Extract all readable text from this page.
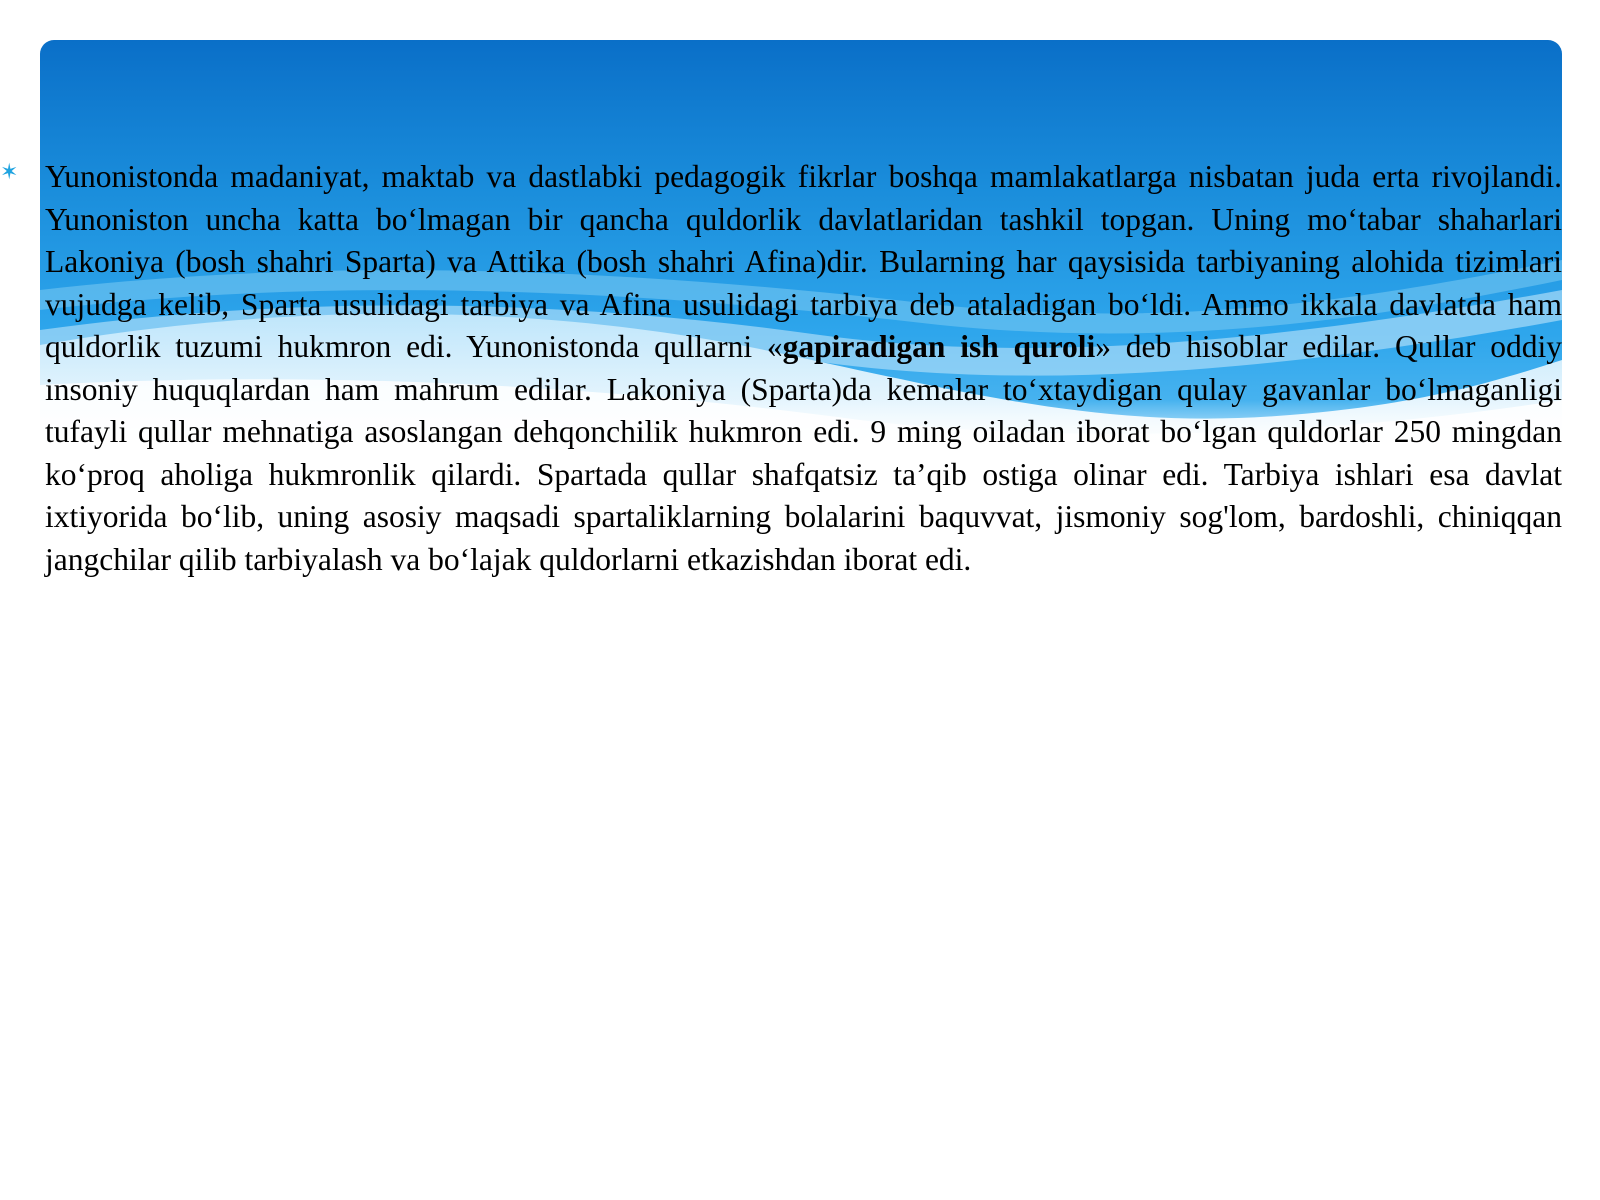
✶ Yunonistonda madaniyat, maktab va dastlabki pedagogik fikrlar boshqa mamlakatlarga nisbatan juda erta rivojlandi. Yunoniston uncha katta bo‘lmagan bir qancha quldorlik davlatlaridan tashkil topgan. Uning mo‘tabar shaharlari Lakoniya (bosh shahri Sparta) va Attika (bosh shahri Afina)dir. Bularning har qaysisida tarbiyaning alohida tizimlari vujudga kelib, Sparta usulidagi tarbiya va Afina usulidagi tarbiya deb ataladigan bo‘ldi. Ammo ikkala davlatda ham quldorlik tuzumi hukmron edi. Yunonistonda qullarni «gapiradigan ish quroli» deb hisoblar edilar. Qullar oddiy insoniy huquqlardan ham mahrum edilar. Lakoniya (Sparta)da kemalar to‘xtaydigan qulay gavanlar bo‘lmaganligi tufayli qullar mehnatiga asoslangan dehqonchilik hukmron edi. 9 ming oiladan iborat bo‘lgan quldorlar 250 mingdan ko‘proq aholiga hukmronlik qilardi. Spartada qullar shafqatsiz ta’qib ostiga olinar edi. Tarbiya ishlari esa davlat ixtiyorida bo‘lib, uning asosiy maqsadi spartaliklarning bolalarini baquvvat, jismoniy sog'lom, bardoshli, chiniqqan jangchilar qilib tarbiyalash va bo‘lajak quldorlarni etkazishdan iborat edi.
